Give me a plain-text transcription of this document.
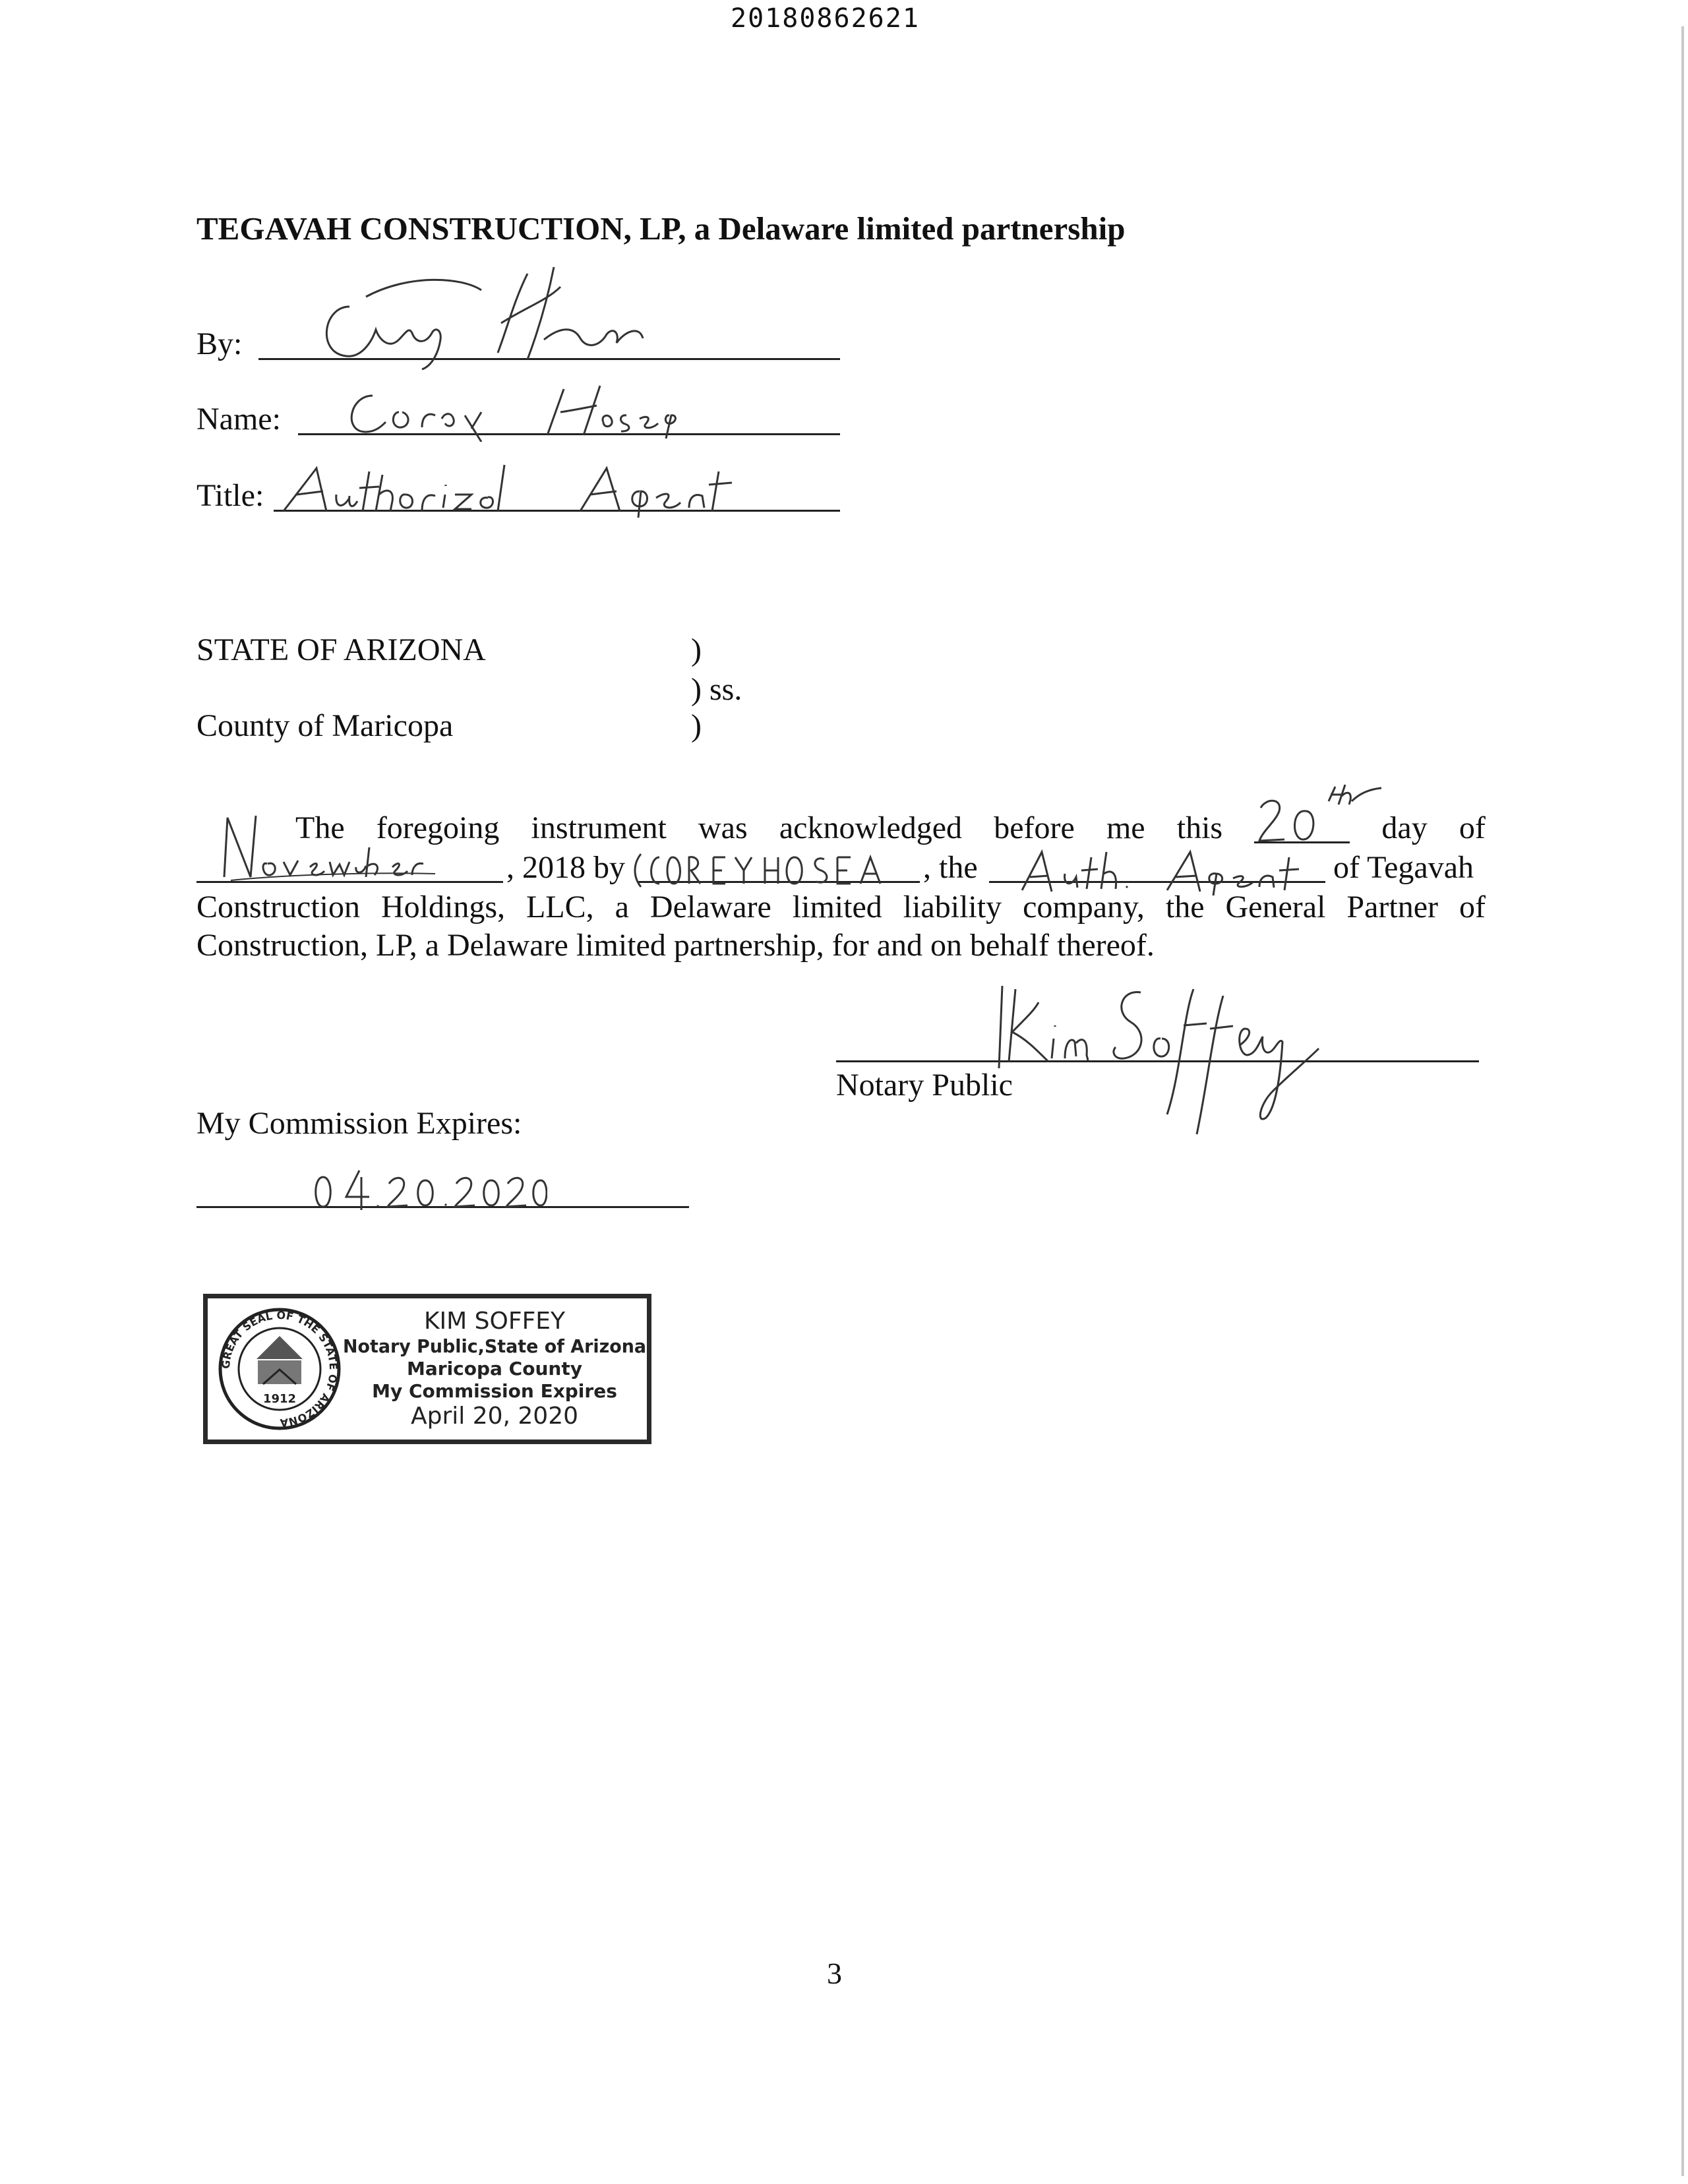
20180862621
TEGAVAH CONSTRUCTION, LP, a Delaware limited partnership
By:
Name:
Title:
STATE OF ARIZONA	)
) ss.
County of Maricopa	)
The foregoing instrument was acknowledged before me this	day of
, 2018 by	, the	of Tegavah
Construction Holdings, LLC, a Delaware limited liability company, the General Partner of
Construction, LP, a Delaware limited partnership, for and on behalf thereof.
Notary Public
My Commission Expires:
GREAT SEAL OF THE STATE OF ARIZONA
1912
KIM SOFFEY
Notary Public,State of Arizona
Maricopa County
My Commission Expires
April 20, 2020
3
